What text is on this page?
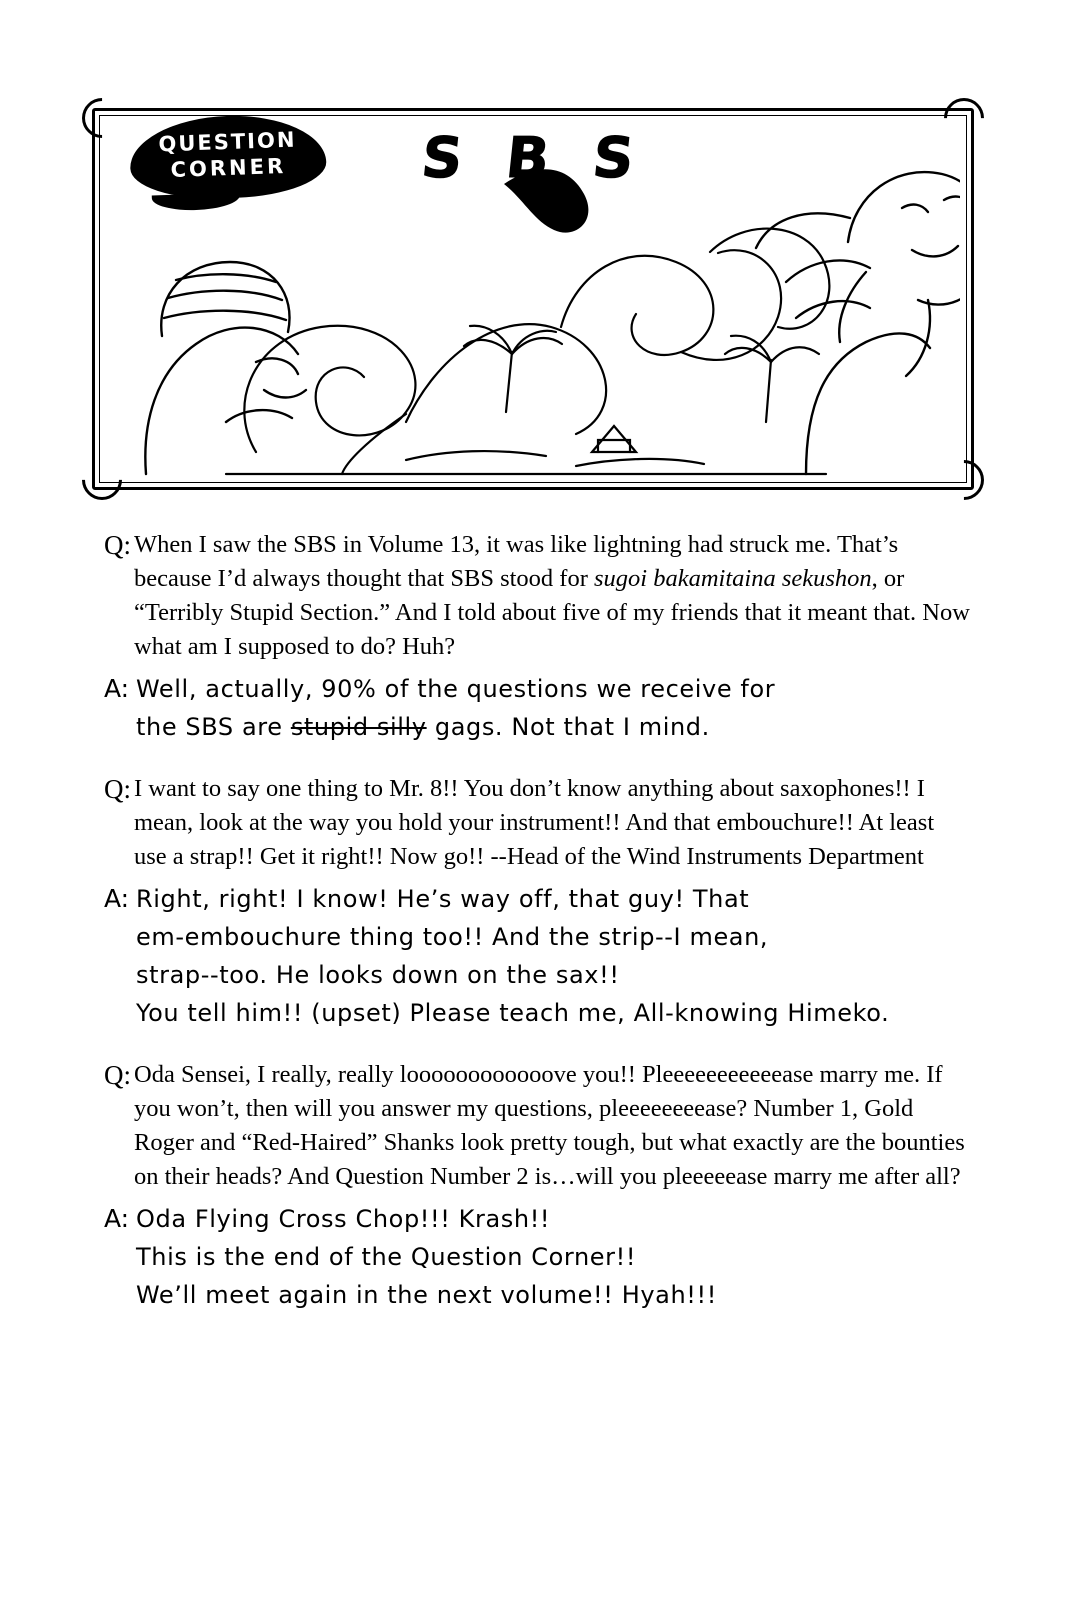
QUESTION
CORNER	SBS
Q: When I saw the SBS in Volume 13, it was like lightning had struck me. That’s because I’d always thought that SBS stood for sugoi bakamitaina sekushon, or “Terribly Stupid Section.” And I told about five of my friends that it meant that. Now what am I supposed to do? Huh?
A: Well, actually, 90% of the questions we receive for
the SBS are stupid silly gags. Not that I mind.
Q: I want to say one thing to Mr. 8!! You don’t know anything about saxophones!! I mean, look at the way you hold your instrument!! And that embouchure!! At least use a strap!! Get it right!! Now go!! --Head of the Wind Instruments Department
A: Right, right! I know! He’s way off, that guy! That
em-embouchure thing too!! And the strip--I mean,
strap--too. He looks down on the sax!!
You tell him!! (upset) Please teach me, All-knowing Himeko.
Q: Oda Sensei, I really, really loooooooooooove you!! Pleeeeeeeeeeease marry me. If you won’t, then will you answer my questions, pleeeeeeeease? Number 1, Gold Roger and “Red-Haired” Shanks look pretty tough, but what exactly are the bounties on their heads? And Question Number 2 is…will you pleeeeease marry me after all?
A: Oda Flying Cross Chop!!! Krash!!
This is the end of the Question Corner!!
We’ll meet again in the next volume!! Hyah!!!
